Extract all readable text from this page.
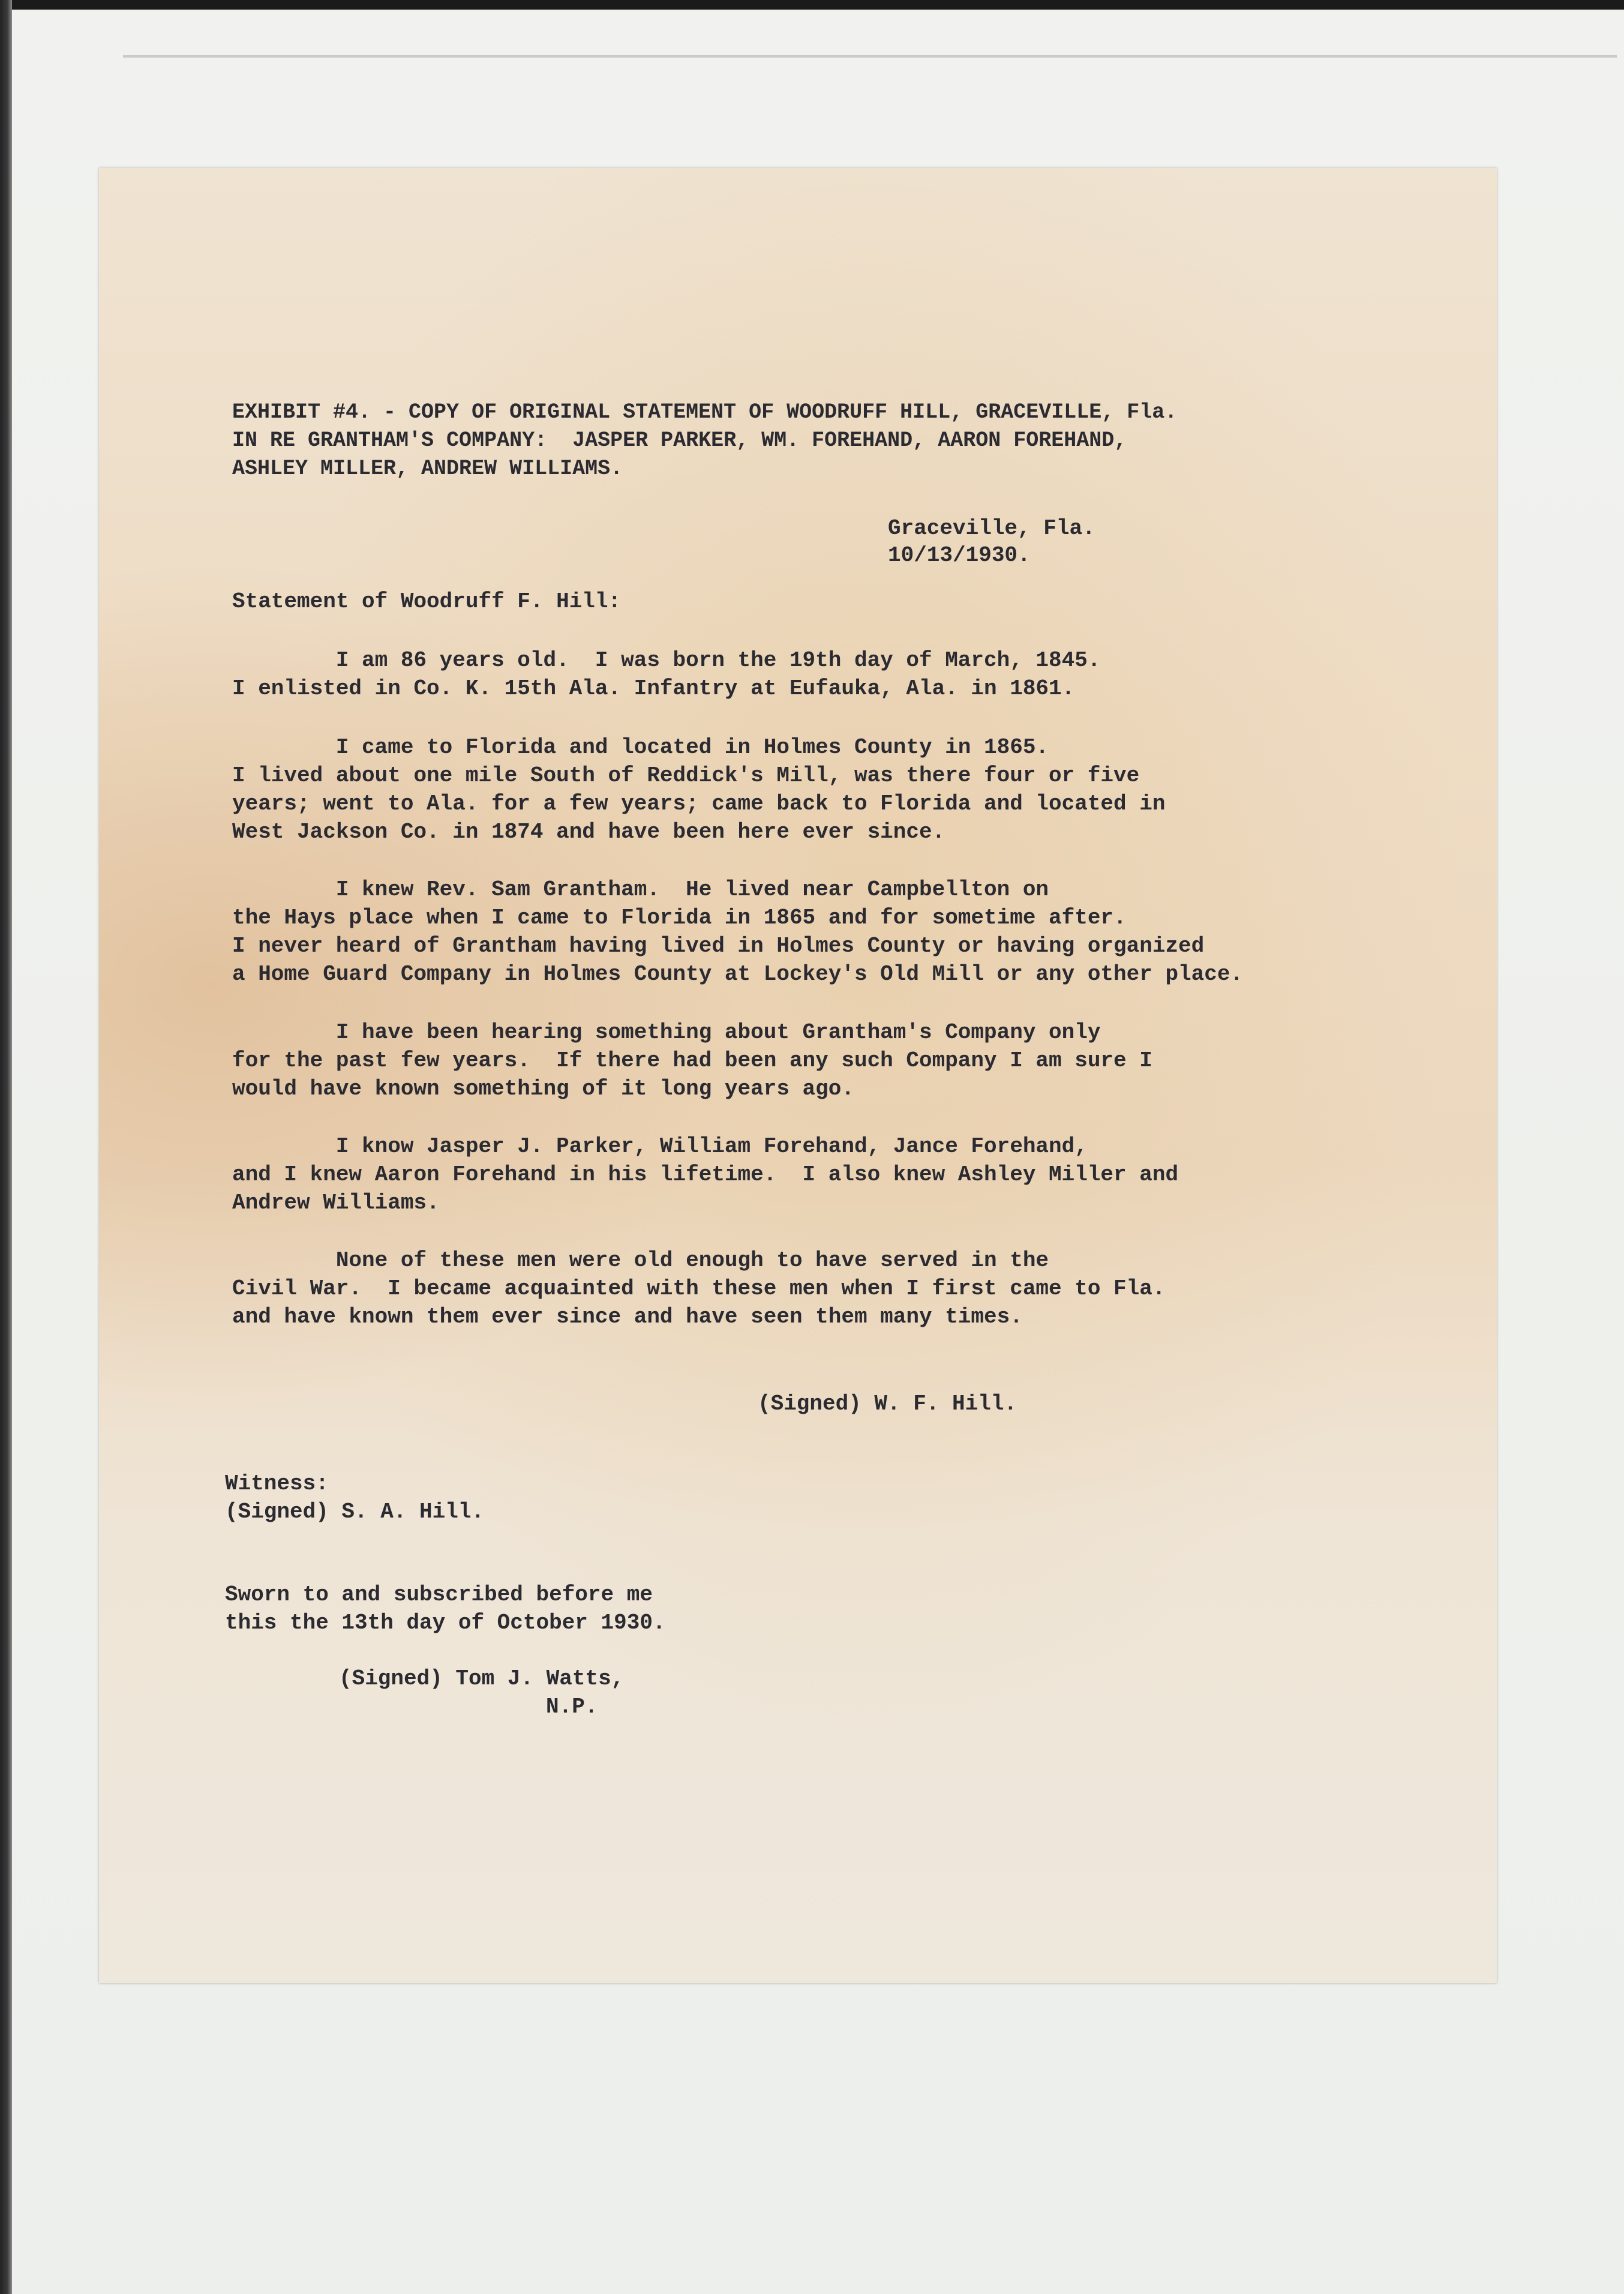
EXHIBIT #4. - COPY OF ORIGINAL STATEMENT OF WOODRUFF HILL, GRACEVILLE, Fla.
IN RE GRANTHAM'S COMPANY:  JASPER PARKER, WM. FOREHAND, AARON FOREHAND,
ASHLEY MILLER, ANDREW WILLIAMS.
Graceville, Fla.
10/13/1930.
Statement of Woodruff F. Hill:
I am 86 years old.  I was born the 19th day of March, 1845.
I enlisted in Co. K. 15th Ala. Infantry at Eufauka, Ala. in 1861.
I came to Florida and located in Holmes County in 1865.
I lived about one mile South of Reddick's Mill, was there four or five
years; went to Ala. for a few years; came back to Florida and located in
West Jackson Co. in 1874 and have been here ever since.
I knew Rev. Sam Grantham.  He lived near Campbellton on
the Hays place when I came to Florida in 1865 and for sometime after.
I never heard of Grantham having lived in Holmes County or having organized
a Home Guard Company in Holmes County at Lockey's Old Mill or any other place.
I have been hearing something about Grantham's Company only
for the past few years.  If there had been any such Company I am sure I
would have known something of it long years ago.
I know Jasper J. Parker, William Forehand, Jance Forehand,
and I knew Aaron Forehand in his lifetime.  I also knew Ashley Miller and
Andrew Williams.
None of these men were old enough to have served in the
Civil War.  I became acquainted with these men when I first came to Fla.
and have known them ever since and have seen them many times.
(Signed) W. F. Hill.
Witness:
(Signed) S. A. Hill.
Sworn to and subscribed before me
this the 13th day of October 1930.
(Signed) Tom J. Watts,
N.P.
